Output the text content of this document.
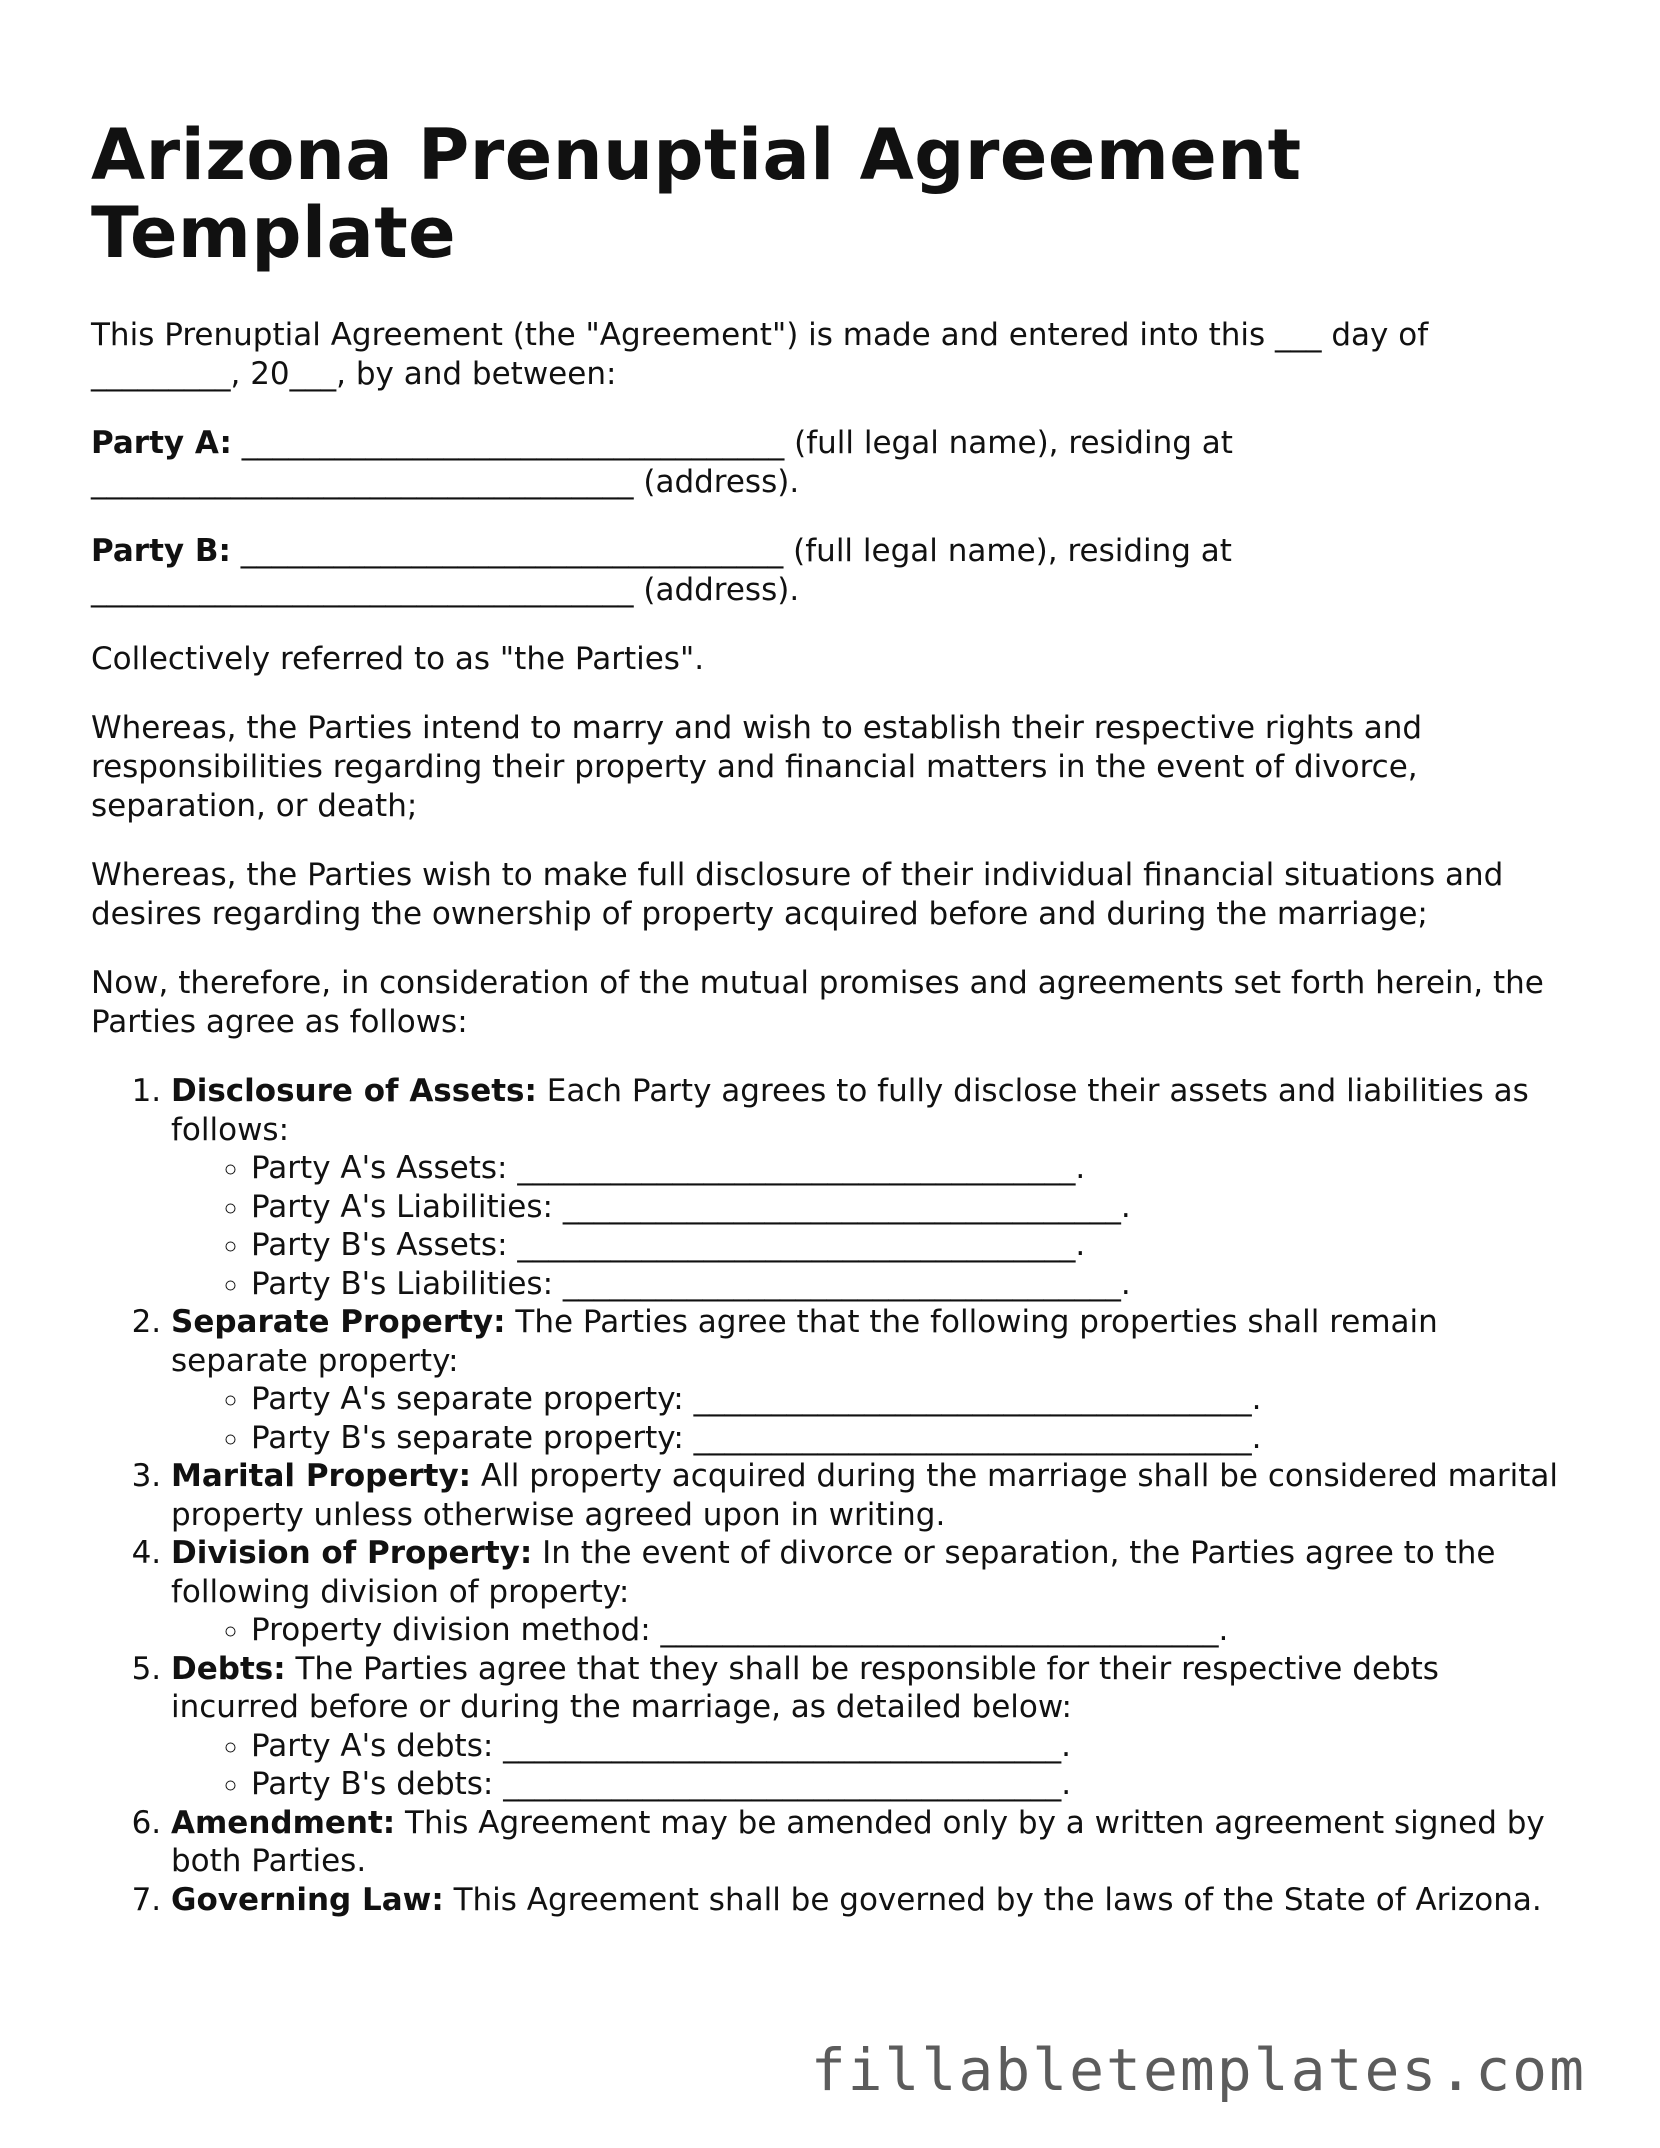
Arizona Prenuptial Agreement Template

This Prenuptial Agreement (the "Agreement") is made and entered into this ___ day of _________, 20___, by and between:

Party A: ___________________________________ (full legal name), residing at ___________________________________ (address).

Party B: ___________________________________ (full legal name), residing at ___________________________________ (address).

Collectively referred to as "the Parties".

Whereas, the Parties intend to marry and wish to establish their respective rights and responsibilities regarding their property and financial matters in the event of divorce, separation, or death;

Whereas, the Parties wish to make full disclosure of their individual financial situations and desires regarding the ownership of property acquired before and during the marriage;

Now, therefore, in consideration of the mutual promises and agreements set forth herein, the Parties agree as follows:

1. Disclosure of Assets: Each Party agrees to fully disclose their assets and liabilities as follows:
◦ Party A's Assets: ____________________________________.
◦ Party A's Liabilities: ____________________________________.
◦ Party B's Assets: ____________________________________.
◦ Party B's Liabilities: ____________________________________.
2. Separate Property: The Parties agree that the following properties shall remain separate property:
◦ Party A's separate property: ____________________________________.
◦ Party B's separate property: ____________________________________.
3. Marital Property: All property acquired during the marriage shall be considered marital property unless otherwise agreed upon in writing.
4. Division of Property: In the event of divorce or separation, the Parties agree to the following division of property:
◦ Property division method: ____________________________________.
5. Debts: The Parties agree that they shall be responsible for their respective debts incurred before or during the marriage, as detailed below:
◦ Party A's debts: ____________________________________.
◦ Party B's debts: ____________________________________.
6. Amendment: This Agreement may be amended only by a written agreement signed by both Parties.
7. Governing Law: This Agreement shall be governed by the laws of the State of Arizona.
fillabletemplates.com
